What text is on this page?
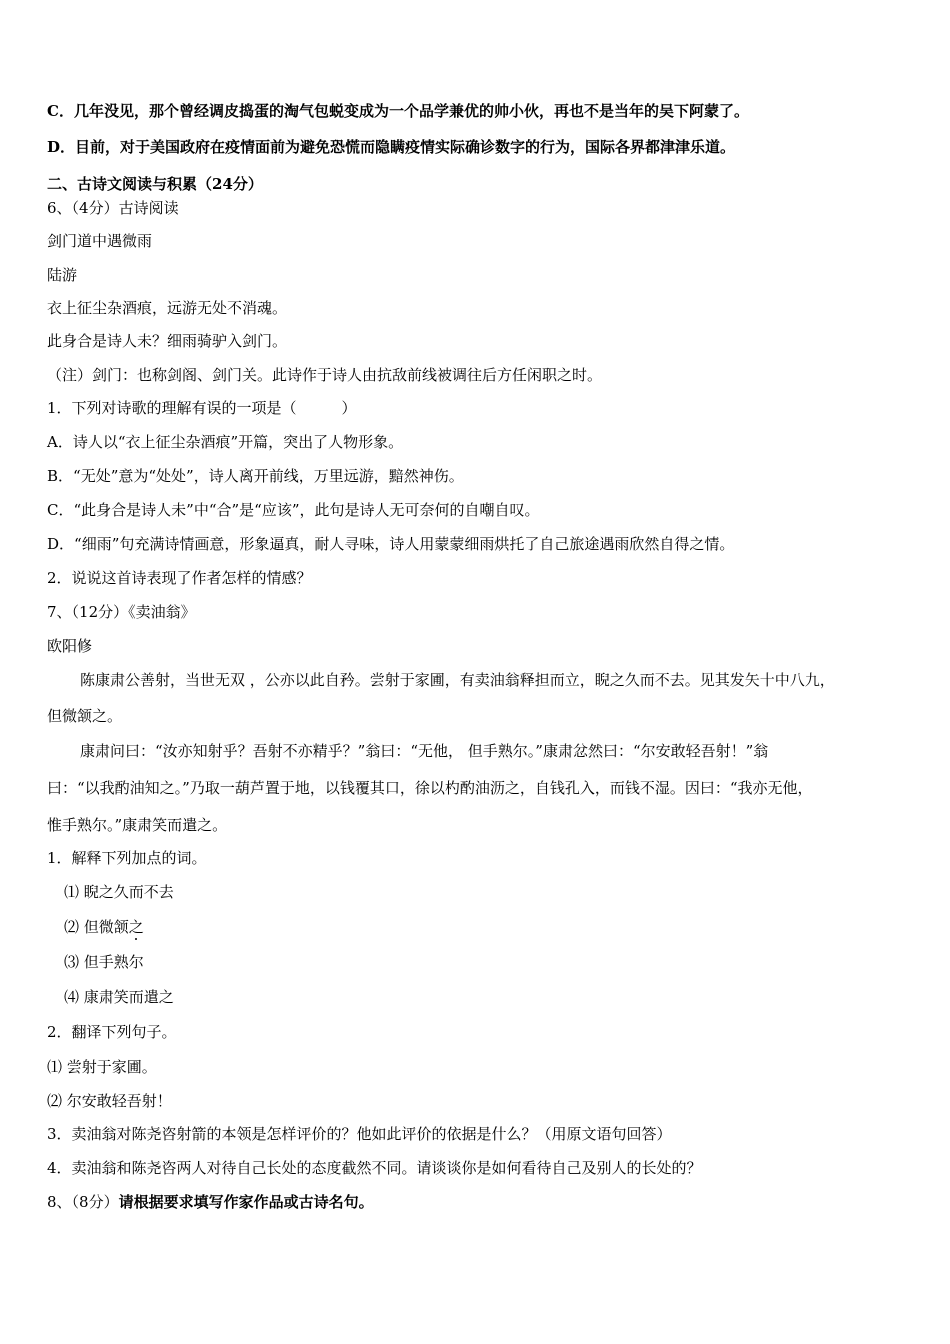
C．几年没见，那个曾经调皮捣蛋的淘气包蜕变成为一个品学兼优的帅小伙，再也不是当年的吴下阿蒙了。
D．目前，对于美国政府在疫情面前为避免恐慌而隐瞒疫情实际确诊数字的行为，国际各界都津津乐道。
二、古诗文阅读与积累（24分）
6、（4分）古诗阅读
剑门道中遇微雨
陆游
衣上征尘杂酒痕，远游无处不消魂。
此身合是诗人未？细雨骑驴入剑门。
（注）剑门：也称剑阁、剑门关。此诗作于诗人由抗敌前线被调往后方任闲职之时。
1．下列对诗歌的理解有误的一项是（　　　）
A．诗人以“衣上征尘杂酒痕”开篇，突出了人物形象。
B．“无处”意为“处处”，诗人离开前线，万里远游，黯然神伤。
C．“此身合是诗人未”中“合”是“应该”，此句是诗人无可奈何的自嘲自叹。
D．“细雨”句充满诗情画意，形象逼真，耐人寻味，诗人用蒙蒙细雨烘托了自己旅途遇雨欣然自得之情。
2．说说这首诗表现了作者怎样的情感？
7、（12分）《卖油翁》
欧阳修
陈康肃公善射，当世无双 ，公亦以此自矜。尝射于家圃，有卖油翁释担而立，睨之久而不去。见其发矢十中八九，
但微颔之。
康肃问曰：“汝亦知射乎？吾射不亦精乎？”翁曰：“无他， 但手熟尔。”康肃忿然曰：“尔安敢轻吾射！”翁
曰：“以我酌油知之。”乃取一葫芦置于地，以钱覆其口，徐以杓酌油沥之，自钱孔入，而钱不湿。因曰：“我亦无他，
惟手熟尔。”康肃笑而遣之。
1．解释下列加点的词。
⑴ 睨之久而不去
⑵ 但微颔之
⑶ 但手熟尔
⑷ 康肃笑而遣之
2．翻译下列句子。
⑴ 尝射于家圃。
⑵ 尔安敢轻吾射！
3．卖油翁对陈尧咨射箭的本领是怎样评价的？他如此评价的依据是什么？（用原文语句回答）
4．卖油翁和陈尧咨两人对待自己长处的态度截然不同。请谈谈你是如何看待自己及别人的长处的？
8、（8分）请根据要求填写作家作品或古诗名句。
